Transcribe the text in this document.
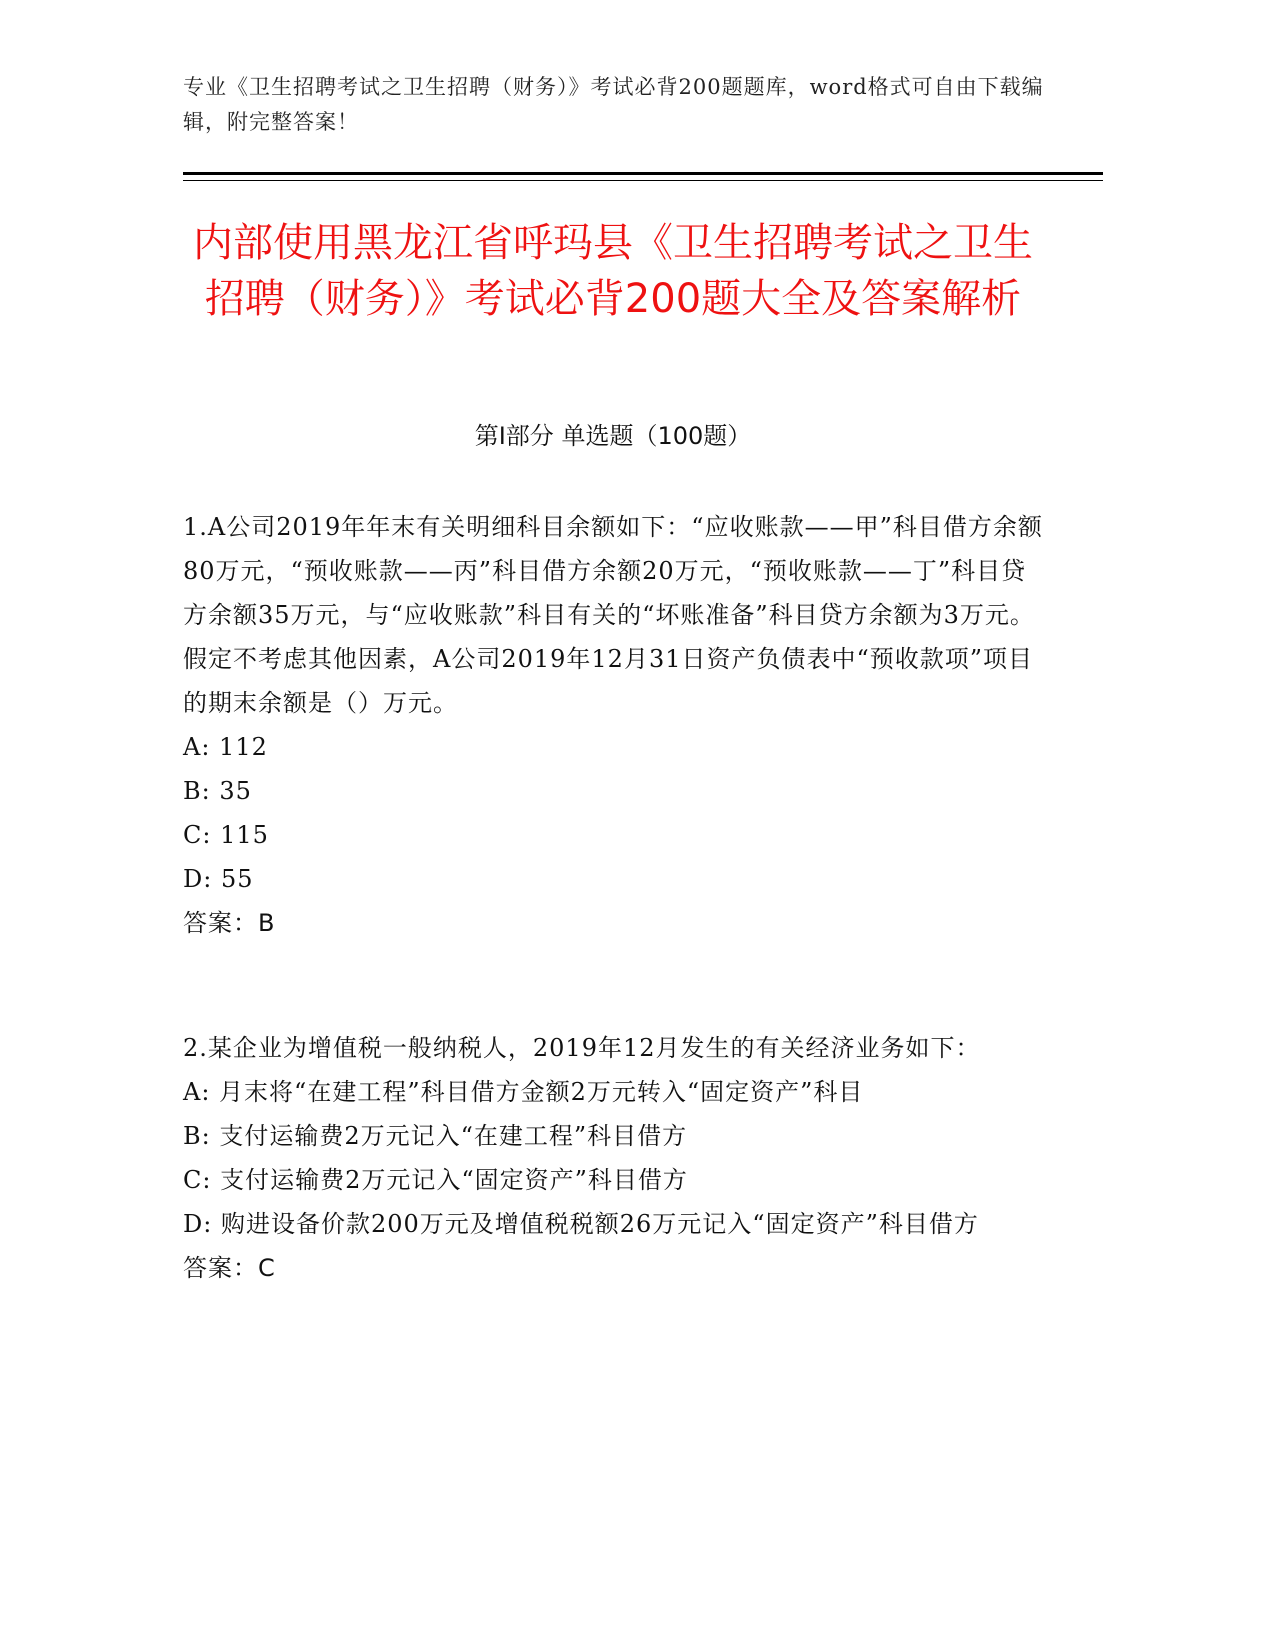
专业《卫生招聘考试之卫生招聘（财务）》考试必背200题题库，word格式可自由下载编辑，附完整答案！
内部使用黑龙江省呼玛县《卫生招聘考试之卫生招聘（财务）》考试必背200题大全及答案解析
第I部分 单选题（100题）

1.A公司2019年年末有关明细科目余额如下：“应收账款——甲”科目借方余额80万元，“预收账款——丙”科目借方余额20万元，“预收账款——丁”科目贷方余额35万元，与“应收账款”科目有关的“坏账准备”科目贷方余额为3万元。假定不考虑其他因素，A公司2019年12月31日资产负债表中“预收款项”项目的期末余额是（）万元。

A: 112

B: 35

C: 115

D: 55

答案：B

2.某企业为增值税一般纳税人，2019年12月发生的有关经济业务如下：

A: 月末将“在建工程”科目借方金额2万元转入“固定资产”科目

B: 支付运输费2万元记入“在建工程”科目借方

C: 支付运输费2万元记入“固定资产”科目借方

D: 购进设备价款200万元及增值税税额26万元记入“固定资产”科目借方

答案：C
